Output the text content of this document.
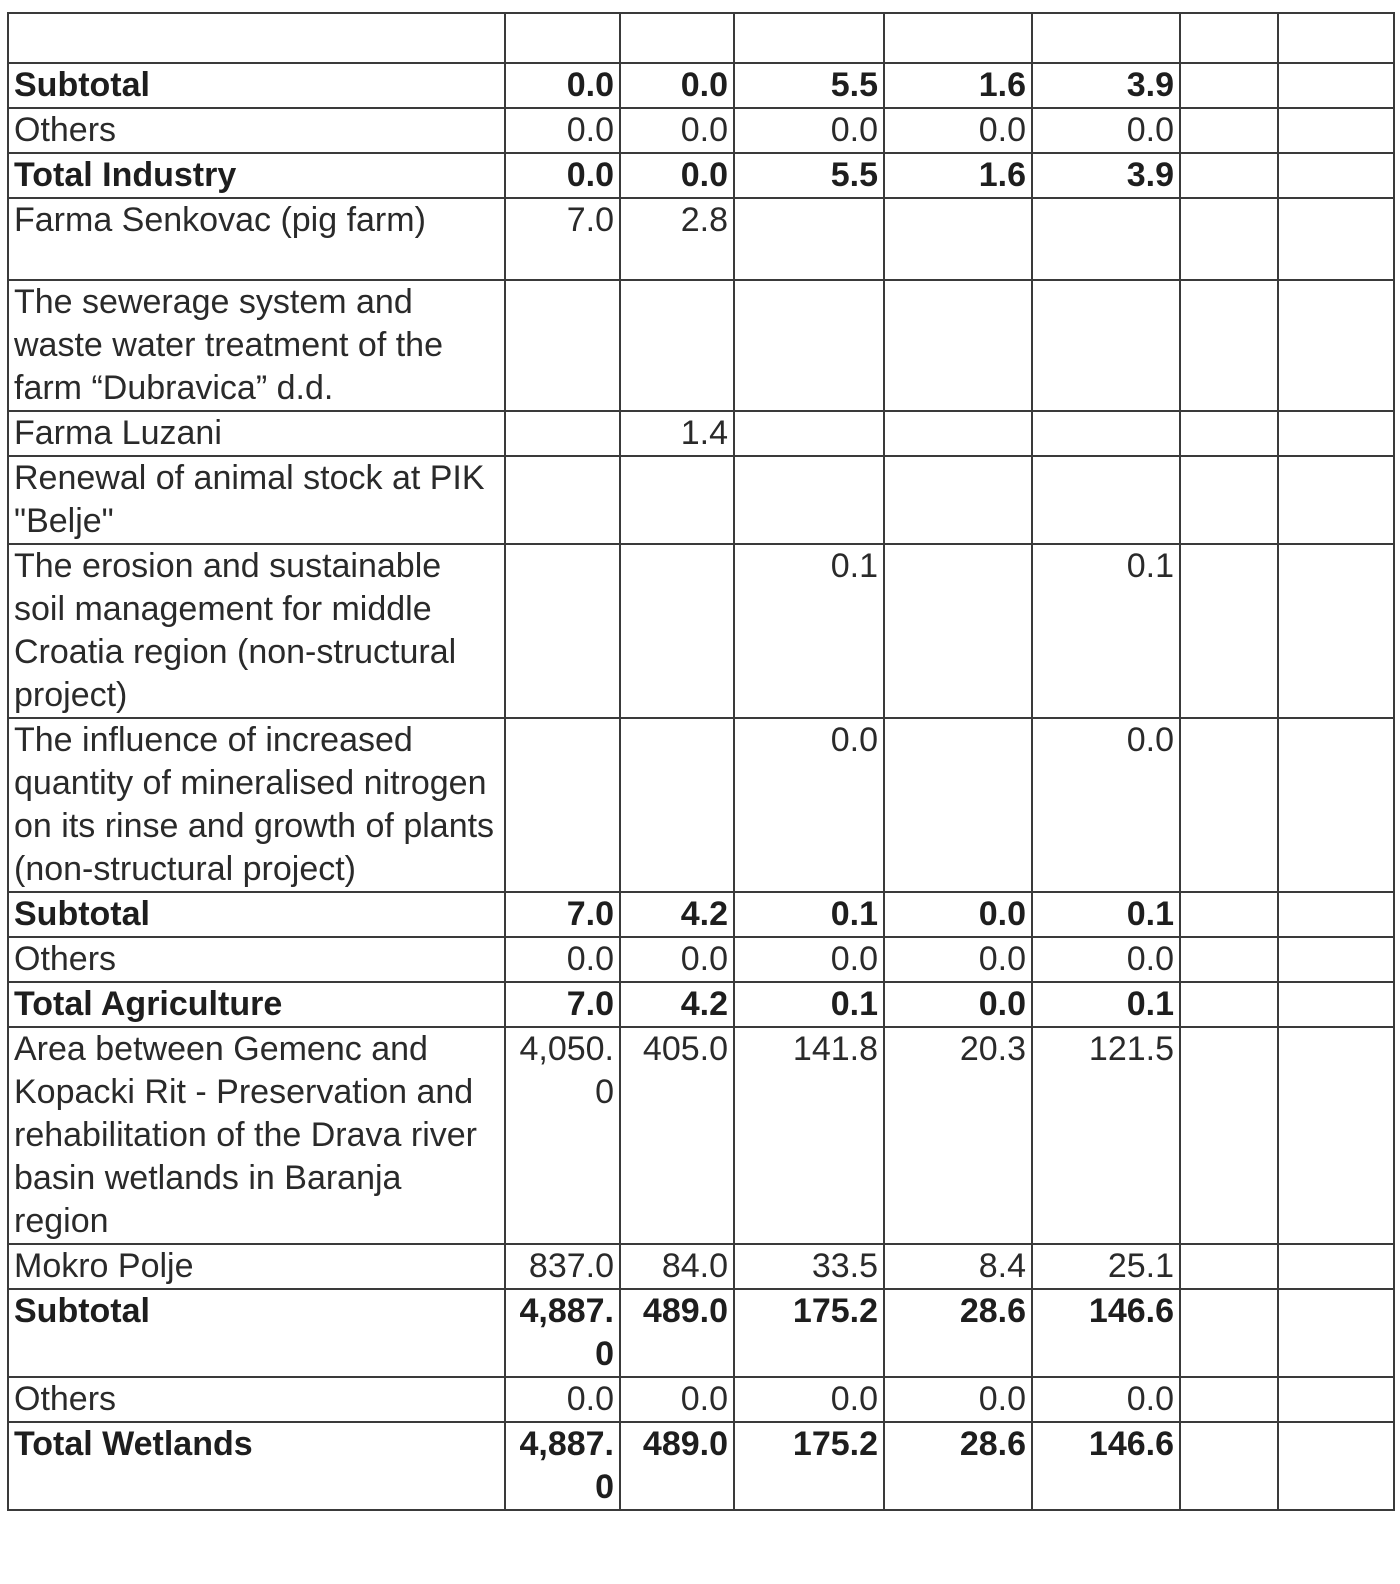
Subtotal	0.0	0.0	5.5	1.6	3.9		
Others	0.0	0.0	0.0	0.0	0.0		
Total Industry	0.0	0.0	5.5	1.6	3.9		
Farma Senkovac (pig farm)	7.0	2.8					
The sewerage system and waste water treatment of the farm “Dubravica” d.d.							
Farma Luzani		1.4					
Renewal of animal stock at PIK "Belje"							
The erosion and sustainable soil management for middle Croatia region (non-structural project)			0.1		0.1		
The influence of increased quantity of mineralised nitrogen on its rinse and growth of plants (non-structural project)			0.0		0.0		
Subtotal	7.0	4.2	0.1	0.0	0.1		
Others	0.0	0.0	0.0	0.0	0.0		
Total Agriculture	7.0	4.2	0.1	0.0	0.1		
Area between Gemenc and Kopacki Rit - Preservation and rehabilitation of the Drava river basin wetlands in Baranja region	4,050.0	405.0	141.8	20.3	121.5		
Mokro Polje	837.0	84.0	33.5	8.4	25.1		
Subtotal	4,887.0	489.0	175.2	28.6	146.6		
Others	0.0	0.0	0.0	0.0	0.0		
Total Wetlands	4,887.0	489.0	175.2	28.6	146.6		
